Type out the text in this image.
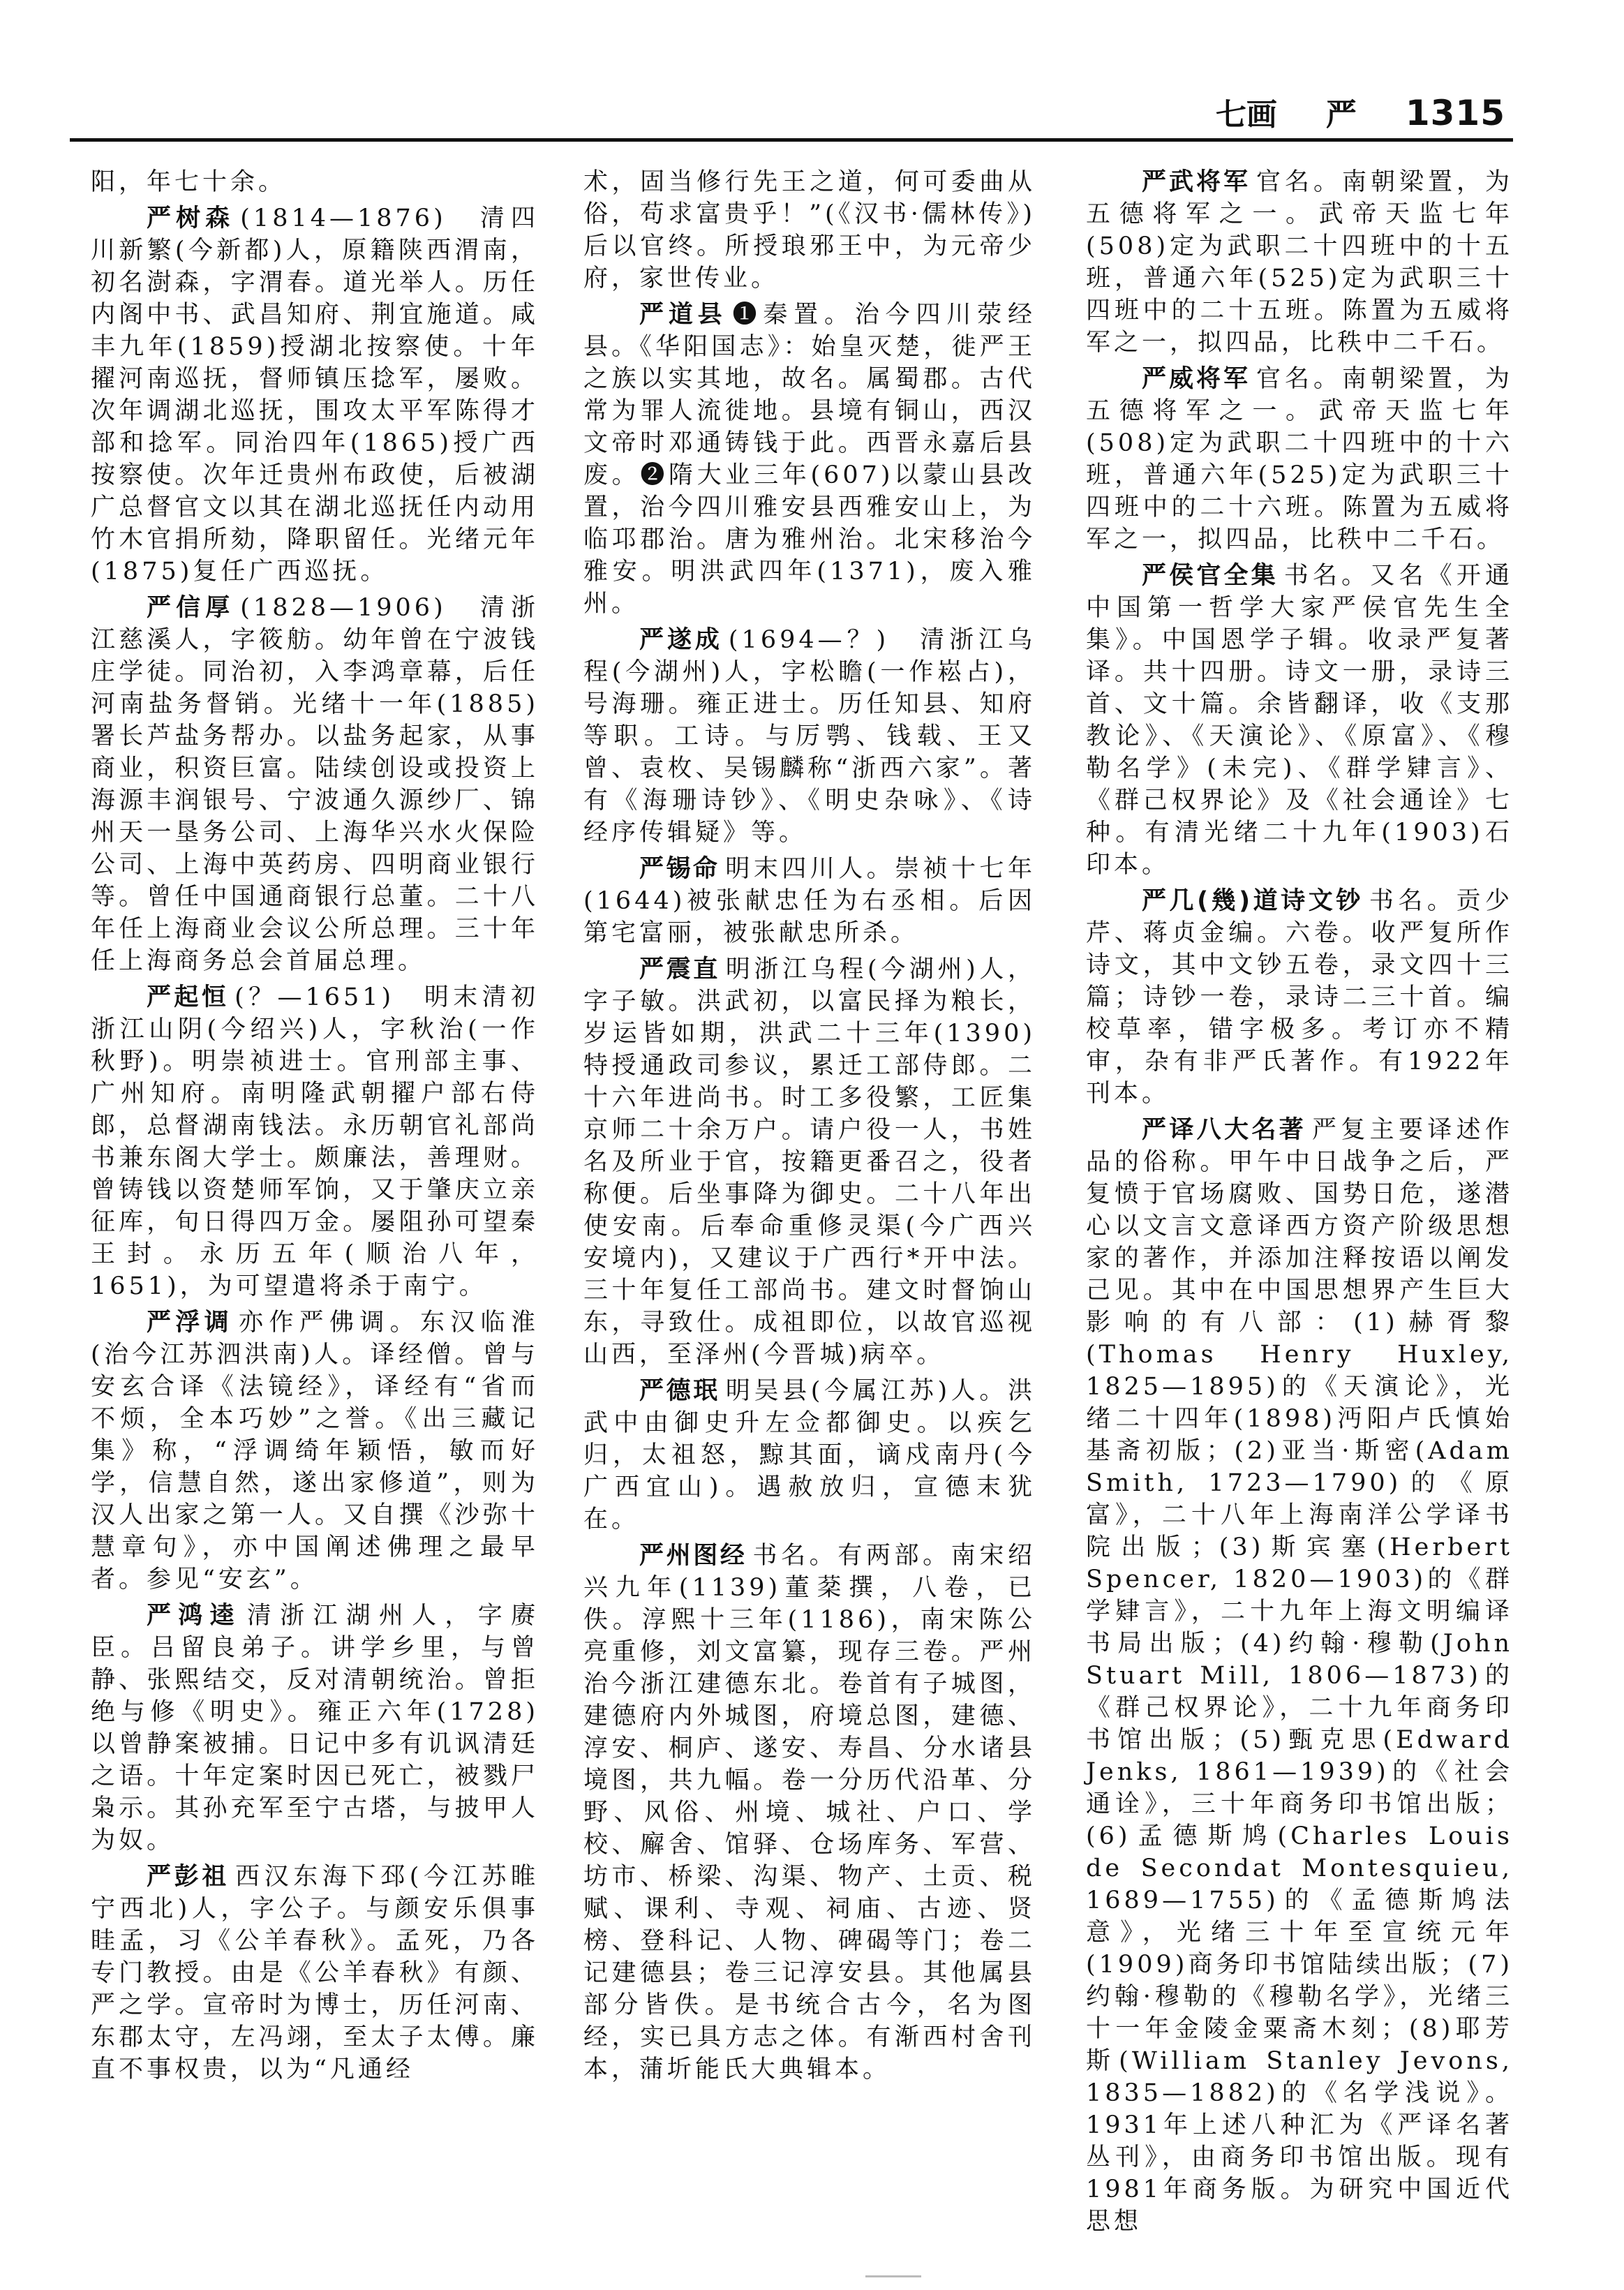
七画 严 1315

阳，年七十余。

严树森 (1814—1876)　清四川新繁(今新都)人，原籍陕西渭南，初名澍森，字渭春。道光举人。历任内阁中书、武昌知府、荆宜施道。咸丰九年(1859)授湖北按察使。十年擢河南巡抚，督师镇压捻军，屡败。次年调湖北巡抚，围攻太平军陈得才部和捻军。同治四年(1865)授广西按察使。次年迁贵州布政使，后被湖广总督官文以其在湖北巡抚任内动用竹木官捐所劾，降职留任。光绪元年(1875)复任广西巡抚。

严信厚 (1828—1906)　清浙江慈溪人，字筱舫。幼年曾在宁波钱庄学徒。同治初，入李鸿章幕，后任河南盐务督销。光绪十一年(1885)署长芦盐务帮办。以盐务起家，从事商业，积资巨富。陆续创设或投资上海源丰润银号、宁波通久源纱厂、锦州天一垦务公司、上海华兴水火保险公司、上海中英药房、四明商业银行等。曾任中国通商银行总董。二十八年任上海商业会议公所总理。三十年任上海商务总会首届总理。

严起恒 (？—1651)　明末清初浙江山阴(今绍兴)人，字秋治(一作秋野)。明崇祯进士。官刑部主事、广州知府。南明隆武朝擢户部右侍郎，总督湖南钱法。永历朝官礼部尚书兼东阁大学士。颇廉法，善理财。曾铸钱以资楚师军饷，又于肇庆立亲征库，旬日得四万金。屡阻孙可望秦王封。永历五年(顺治八年，1651)，为可望遣将杀于南宁。

严浮调 亦作严佛调。东汉临淮(治今江苏泗洪南)人。译经僧。曾与安玄合译《法镜经》，译经有“省而不烦，全本巧妙”之誉。《出三藏记集》称，“浮调绮年颖悟，敏而好学，信慧自然，遂出家修道”，则为汉人出家之第一人。又自撰《沙弥十慧章句》，亦中国阐述佛理之最早者。参见“安玄”。

严鸿逵 清浙江湖州人，字赓臣。吕留良弟子。讲学乡里，与曾静、张熙结交，反对清朝统治。曾拒绝与修《明史》。雍正六年(1728)以曾静案被捕。日记中多有讥讽清廷之语。十年定案时因已死亡，被戮尸枭示。其孙充军至宁古塔，与披甲人为奴。

严彭祖 西汉东海下邳(今江苏睢宁西北)人，字公子。与颜安乐俱事眭孟，习《公羊春秋》。孟死，乃各专门教授。由是《公羊春秋》有颜、严之学。宣帝时为博士，历任河南、东郡太守，左冯翊，至太子太傅。廉直不事权贵，以为“凡通经

术，固当修行先王之道，何可委曲从俗，苟求富贵乎！”(《汉书·儒林传》)后以官终。所授琅邪王中，为元帝少府，家世传业。

严道县 ❶秦置。治今四川荥经县。《华阳国志》：始皇灭楚，徙严王之族以实其地，故名。属蜀郡。古代常为罪人流徙地。县境有铜山，西汉文帝时邓通铸钱于此。西晋永嘉后县废。❷隋大业三年(607)以蒙山县改置，治今四川雅安县西雅安山上，为临邛郡治。唐为雅州治。北宋移治今雅安。明洪武四年(1371)，废入雅州。

严遂成 (1694—？)　清浙江乌程(今湖州)人，字松瞻(一作崧占)，号海珊。雍正进士。历任知县、知府等职。工诗。与厉鹗、钱载、王又曾、袁枚、吴锡麟称“浙西六家”。著有《海珊诗钞》、《明史杂咏》、《诗经序传辑疑》等。

严锡命 明末四川人。崇祯十七年(1644)被张献忠任为右丞相。后因第宅富丽，被张献忠所杀。

严震直 明浙江乌程(今湖州)人，字子敏。洪武初，以富民择为粮长，岁运皆如期，洪武二十三年(1390)特授通政司参议，累迁工部侍郎。二十六年进尚书。时工多役繁，工匠集京师二十余万户。请户役一人，书姓名及所业于官，按籍更番召之，役者称便。后坐事降为御史。二十八年出使安南。后奉命重修灵渠(今广西兴安境内)，又建议于广西行*开中法。三十年复任工部尚书。建文时督饷山东，寻致仕。成祖即位，以故官巡视山西，至泽州(今晋城)病卒。

严德珉 明吴县(今属江苏)人。洪武中由御史升左佥都御史。以疾乞归，太祖怒，黥其面，谪戍南丹(今广西宜山)。遇赦放归，宣德末犹在。

严州图经 书名。有两部。南宋绍兴九年(1139)董棻撰，八卷，已佚。淳熙十三年(1186)，南宋陈公亮重修，刘文富纂，现存三卷。严州治今浙江建德东北。卷首有子城图，建德府内外城图，府境总图，建德、淳安、桐庐、遂安、寿昌、分水诸县境图，共九幅。卷一分历代沿革、分野、风俗、州境、城社、户口、学校、廨舍、馆驿、仓场库务、军营、坊市、桥梁、沟渠、物产、土贡、税赋、课利、寺观、祠庙、古迹、贤榜、登科记、人物、碑碣等门；卷二记建德县；卷三记淳安县。其他属县部分皆佚。是书统合古今，名为图经，实已具方志之体。有渐西村舍刊本，蒲圻能氏大典辑本。

严武将军 官名。南朝梁置，为五德将军之一。武帝天监七年(508)定为武职二十四班中的十五班，普通六年(525)定为武职三十四班中的二十五班。陈置为五威将军之一，拟四品，比秩中二千石。

严威将军 官名。南朝梁置，为五德将军之一。武帝天监七年(508)定为武职二十四班中的十六班，普通六年(525)定为武职三十四班中的二十六班。陈置为五威将军之一，拟四品，比秩中二千石。

严侯官全集 书名。又名《开通中国第一哲学大家严侯官先生全集》。中国恩学子辑。收录严复著译。共十四册。诗文一册，录诗三首、文十篇。余皆翻译，收《支那教论》、《天演论》、《原富》、《穆勒名学》(未完)、《群学肄言》、《群己权界论》及《社会通诠》七种。有清光绪二十九年(1903)石印本。

严几(幾)道诗文钞 书名。贡少芹、蒋贞金编。六卷。收严复所作诗文，其中文钞五卷，录文四十三篇；诗钞一卷，录诗二三十首。编校草率，错字极多。考订亦不精审，杂有非严氏著作。有1922年刊本。

严译八大名著 严复主要译述作品的俗称。甲午中日战争之后，严复愤于官场腐败、国势日危，遂潜心以文言文意译西方资产阶级思想家的著作，并添加注释按语以阐发己见。其中在中国思想界产生巨大影响的有八部：(1)赫胥黎(Thomas Henry Huxley, 1825—1895)的《天演论》，光绪二十四年(1898)沔阳卢氏慎始基斋初版；(2)亚当·斯密(Adam Smith, 1723—1790)的《原富》，二十八年上海南洋公学译书院出版；(3)斯宾塞(Herbert Spencer, 1820—1903)的《群学肄言》，二十九年上海文明编译书局出版；(4)约翰·穆勒(John Stuart Mill, 1806—1873)的《群己权界论》，二十九年商务印书馆出版；(5)甄克思(Edward Jenks, 1861—1939)的《社会通诠》，三十年商务印书馆出版；(6)孟德斯鸠(Charles Louis de Secondat Montesquieu, 1689—1755)的《孟德斯鸠法意》，光绪三十年至宣统元年(1909)商务印书馆陆续出版；(7)约翰·穆勒的《穆勒名学》，光绪三十一年金陵金粟斋木刻；(8)耶芳斯(William Stanley Jevons, 1835—1882)的《名学浅说》。1931年上述八种汇为《严译名著丛刊》，由商务印书馆出版。现有1981年商务版。为研究中国近代思想
